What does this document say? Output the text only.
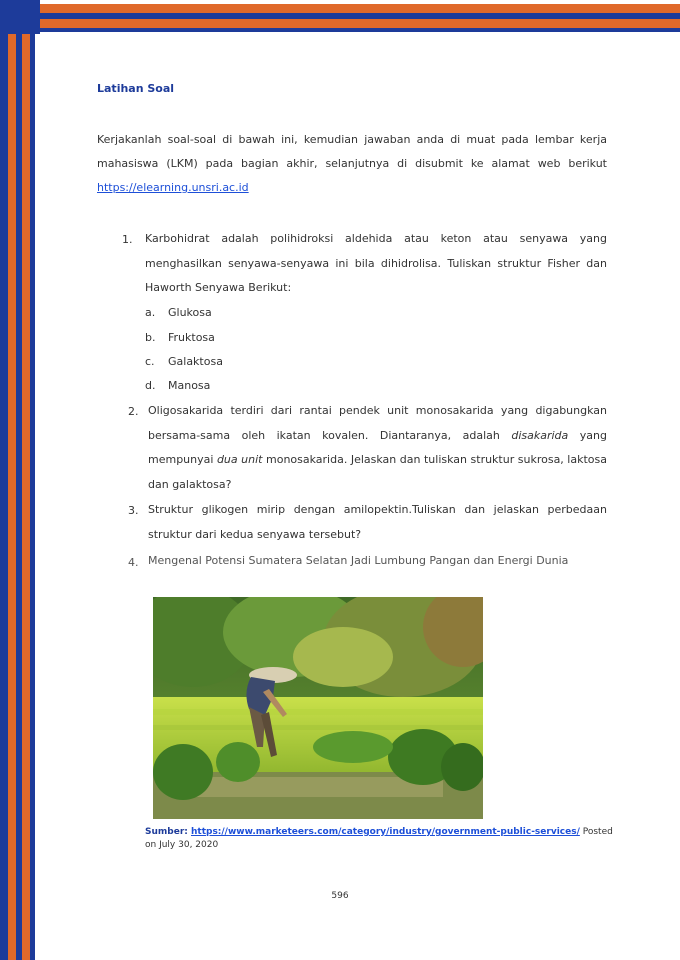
Latihan Soal
Kerjakanlah soal-soal di bawah ini, kemudian jawaban anda di muat pada lembar kerja mahasiswa (LKM) pada bagian akhir, selanjutnya di disubmit ke alamat web berikut https://elearning.unsri.ac.id
1. Karbohidrat adalah polihidroksi aldehida atau keton atau senyawa yang menghasilkan senyawa-senyawa ini bila dihidrolisa. Tuliskan struktur Fisher dan Haworth Senyawa Berikut:
a. Glukosa
b. Fruktosa
c. Galaktosa
d. Manosa
2. Oligosakarida terdiri dari rantai pendek unit monosakarida yang digabungkan bersama-sama oleh ikatan kovalen. Diantaranya, adalah disakarida yang mempunyai dua unit monosakarida. Jelaskan dan tuliskan struktur sukrosa, laktosa dan galaktosa?
3. Struktur glikogen mirip dengan amilopektin.Tuliskan dan jelaskan perbedaan struktur dari kedua senyawa tersebut?
4. Mengenal Potensi Sumatera Selatan Jadi Lumbung Pangan dan Energi Dunia
Sumber: https://www.marketeers.com/category/industry/government-public-services/ Posted on July 30, 2020
596
